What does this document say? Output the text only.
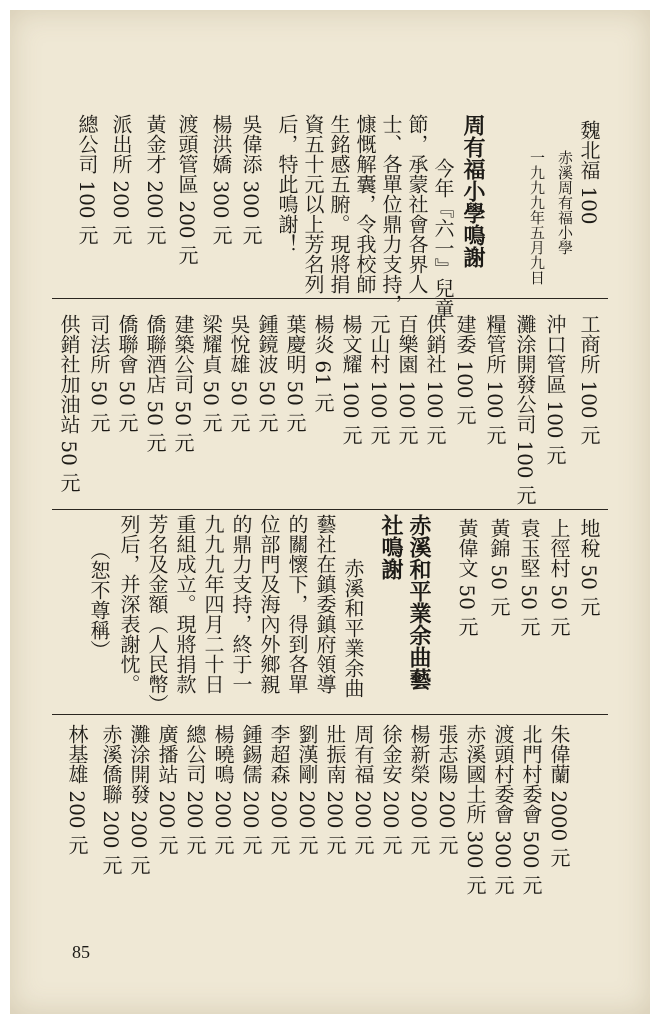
魏北福 100
赤溪周有福小學
一九九九年五月九日
周有福小學鳴謝
今年『六一』兒童
節，承蒙社會各界人
士、各單位鼎力支持，
慷慨解囊，令我校師
生銘感五腑。現將捐
資五十元以上芳名列
后，特此鳴謝！
吳偉添 300 元
楊洪嬌 300 元
渡頭管區 200 元
黃金才 200 元
派出所 200 元
總公司 100 元
工商所 100 元
沖口管區 100 元
灘涂開發公司 100 元
糧管所 100 元
建委 100 元
供銷社 100 元
百樂園 100 元
元山村 100 元
楊文耀 100 元
楊炎 61 元
葉慶明 50 元
鍾鏡波 50 元
吳悅雄 50 元
梁耀貞 50 元
建築公司 50 元
僑聯酒店 50 元
僑聯會 50 元
司法所 50 元
供銷社加油站 50 元
地稅 50 元
上徑村 50 元
袁玉堅 50 元
黃錦 50 元
黃偉文 50 元
赤溪和平業余曲藝
社鳴謝
赤溪和平業余曲
藝社在鎮委鎮府領導
的關懷下，得到各單
位部門及海內外鄉親
的鼎力支持，終于一
九九九年四月二十日
重組成立。現將捐款
芳名及金額（人民幣）
列后，并深表謝忱。
（恕不尊稱）
朱偉蘭 2000 元
北門村委會 500 元
渡頭村委會 300 元
赤溪國土所 300 元
張志陽 200 元
楊新榮 200 元
徐金安 200 元
周有福 200 元
壯振南 200 元
劉漢剛 200 元
李超森 200 元
鍾錫儒 200 元
楊曉鳴 200 元
總公司 200 元
廣播站 200 元
灘涂開發 200 元
赤溪僑聯 200 元
林基雄 200 元
85
